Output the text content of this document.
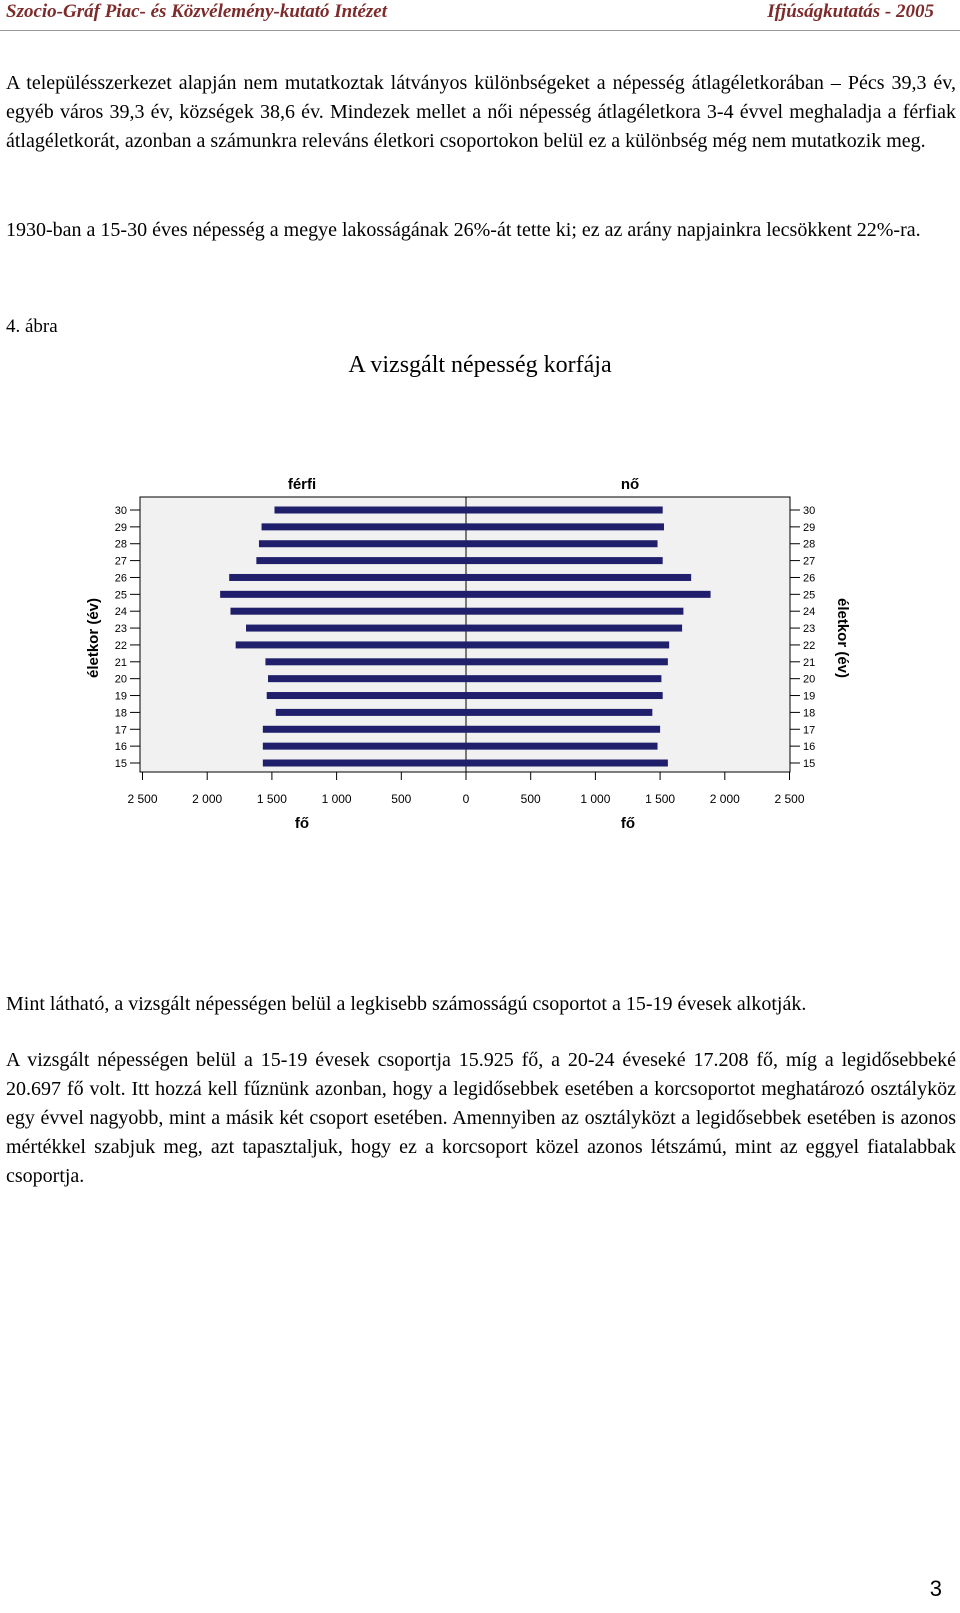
Szocio-Gráf Piac- és Közvélemény-kutató Intézet	Ifjúságkutatás - 2005

A településszerkezet alapján nem mutatkoztak látványos különbségeket a népesség átlagéletkorában – Pécs 39,3 év, egyéb város 39,3 év, községek 38,6 év. Mindezek mellet a női népesség átlagéletkora 3-4 évvel meghaladja a férfiak átlagéletkorát, azonban a számunkra releváns életkori csoportokon belül ez a különbség még nem mutatkozik meg.

1930-ban a 15-30 éves népesség a megye lakosságának 26%-át tette ki; ez az arány napjainkra lecsökkent 22%-ra.

4. ábra
A vizsgált népesség korfája
15	15
16	16
17	17
18	18
19	19
20	20
21	21
22	22
23	23
24	24
25	25
26	26
27	27
28	28
29	29
30	30
2 500	2 000	1 500	1 000	500	0	500	1 000	1 500	2 000	2 500
férfi	nő
fő	fő
életkor (év)	életkor (év)

Mint látható, a vizsgált népességen belül a legkisebb számosságú csoportot a 15-19 évesek alkotják.

A vizsgált népességen belül a 15-19 évesek csoportja 15.925 fő, a 20-24 éveseké 17.208 fő, míg a legidősebbeké 20.697 fő volt. Itt hozzá kell fűznünk azonban, hogy a legidősebbek esetében a korcsoportot meghatározó osztályköz egy évvel nagyobb, mint a másik két csoport esetében. Amennyiben az osztályközt a legidősebbek esetében is azonos mértékkel szabjuk meg, azt tapasztaljuk, hogy ez a korcsoport közel azonos létszámú, mint az eggyel fiatalabbak csoportja.

3
